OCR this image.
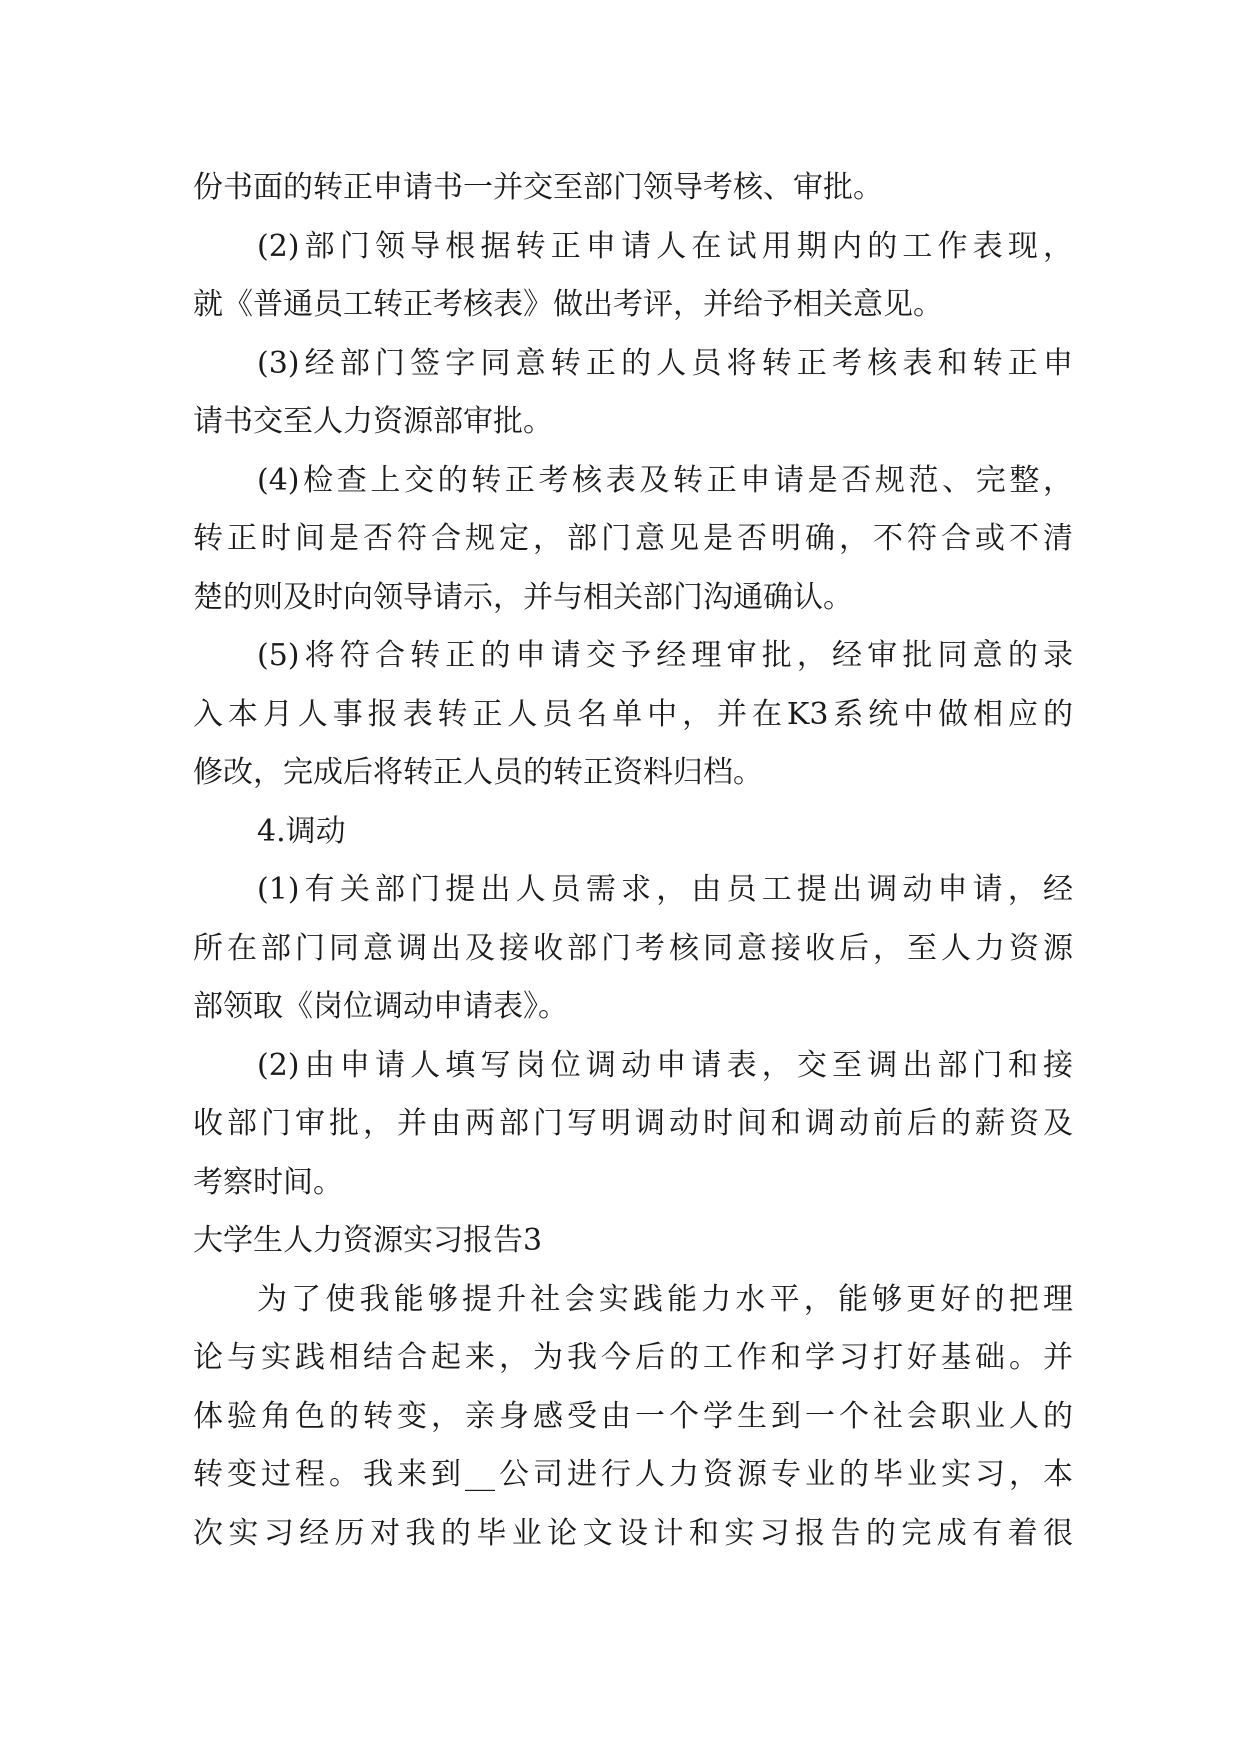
份书面的转正申请书一并交至部门领导考核、审批。
(2)部门领导根据转正申请人在试用期内的工作表现，
就《普通员工转正考核表》做出考评，并给予相关意见。
(3)经部门签字同意转正的人员将转正考核表和转正申
请书交至人力资源部审批。
(4)检查上交的转正考核表及转正申请是否规范、完整，
转正时间是否符合规定，部门意见是否明确，不符合或不清
楚的则及时向领导请示，并与相关部门沟通确认。
(5)将符合转正的申请交予经理审批，经审批同意的录
入本月人事报表转正人员名单中，并在K3系统中做相应的
修改，完成后将转正人员的转正资料归档。
4.调动
(1)有关部门提出人员需求，由员工提出调动申请，经
所在部门同意调出及接收部门考核同意接收后，至人力资源
部领取《岗位调动申请表》。
(2)由申请人填写岗位调动申请表，交至调出部门和接
收部门审批，并由两部门写明调动时间和调动前后的薪资及
考察时间。
大学生人力资源实习报告3
为了使我能够提升社会实践能力水平，能够更好的把理
论与实践相结合起来，为我今后的工作和学习打好基础。并
体验角色的转变，亲身感受由一个学生到一个社会职业人的
转变过程。我来到__公司进行人力资源专业的毕业实习，本
次实习经历对我的毕业论文设计和实习报告的完成有着很
